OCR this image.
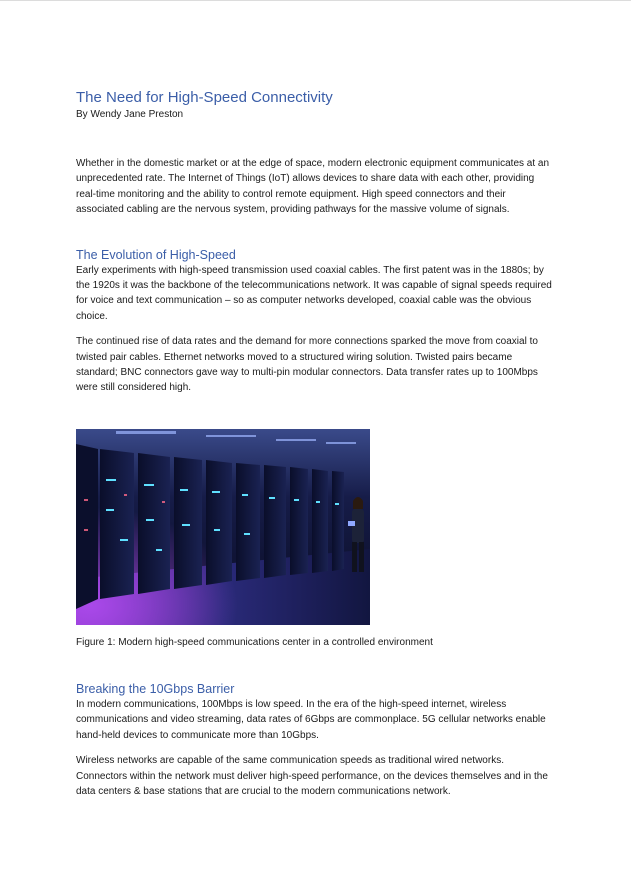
The Need for High-Speed Connectivity
By Wendy Jane Preston

Whether in the domestic market or at the edge of space, modern electronic equipment communicates at an unprecedented rate. The Internet of Things (IoT) allows devices to share data with each other, providing real-time monitoring and the ability to control remote equipment. High speed connectors and their associated cabling are the nervous system, providing pathways for the massive volume of signals.

The Evolution of High-Speed

Early experiments with high-speed transmission used coaxial cables. The first patent was in the 1880s; by the 1920s it was the backbone of the telecommunications network. It was capable of signal speeds required for voice and text communication – so as computer networks developed, coaxial cable was the obvious choice.

The continued rise of data rates and the demand for more connections sparked the move from coaxial to twisted pair cables. Ethernet networks moved to a structured wiring solution. Twisted pairs became standard; BNC connectors gave way to multi-pin modular connectors. Data transfer rates up to 100Mbps were still considered high.

Figure 1: Modern high-speed communications center in a controlled environment
Breaking the 10Gbps Barrier

In modern communications, 100Mbps is low speed. In the era of the high-speed internet, wireless communications and video streaming, data rates of 6Gbps are commonplace. 5G cellular networks enable hand-held devices to communicate more than 10Gbps.

Wireless networks are capable of the same communication speeds as traditional wired networks. Connectors within the network must deliver high-speed performance, on the devices themselves and in the data centers & base stations that are crucial to the modern communications network.
